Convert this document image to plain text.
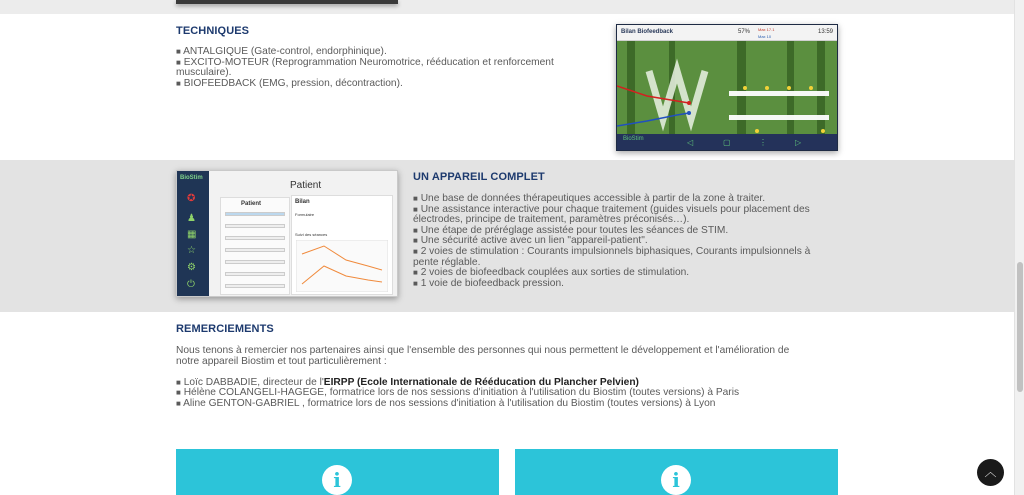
TECHNIQUES
■ ANTALGIQUE (Gate-control, endorphinique).
■ EXCITO-MOTEUR (Reprogrammation Neuromotrice, rééducation et renforcement
musculaire).
■ BIOFEEDBACK (EMG, pression, décontraction).
Bilan Biofeedback	57% Max 17.1
Max 10
13:59
BioStim	◁	▢	⋮	▷
BioStim
✪
♟
▦
☆
⚙
⏻
Patient
Patient	Bilan
Formulaire
Suivi des séances
UN APPAREIL COMPLET
■ Une base de données thérapeutiques accessible à partir de la zone à traiter.
■ Une assistance interactive pour chaque traitement (guides visuels pour placement des
électrodes, principe de traitement, paramètres préconisés…).
■ Une étape de préréglage assistée pour toutes les séances de STIM.
■ Une sécurité active avec un lien "appareil-patient".
■ 2 voies de stimulation : Courants impulsionnels biphasiques, Courants impulsionnels à
pente réglable.
■ 2 voies de biofeedback couplées aux sorties de stimulation.
■ 1 voie de biofeedback pression.
REMERCIEMENTS
Nous tenons à remercier nos partenaires ainsi que l'ensemble des personnes qui nous permettent le développement et l'amélioration de
notre appareil Biostim et tout particulièrement :
■ Loïc DABBADIE, directeur de l'EIRPP (Ecole Internationale de Rééducation du Plancher Pelvien)
■ Hélène COLANGELI-HAGEGE, formatrice lors de nos sessions d'initiation à l'utilisation du Biostim (toutes versions) à Paris
■ Aline GENTON-GABRIEL , formatrice lors de nos sessions d'initiation à l'utilisation du Biostim (toutes versions) à Lyon
i	i	︿
